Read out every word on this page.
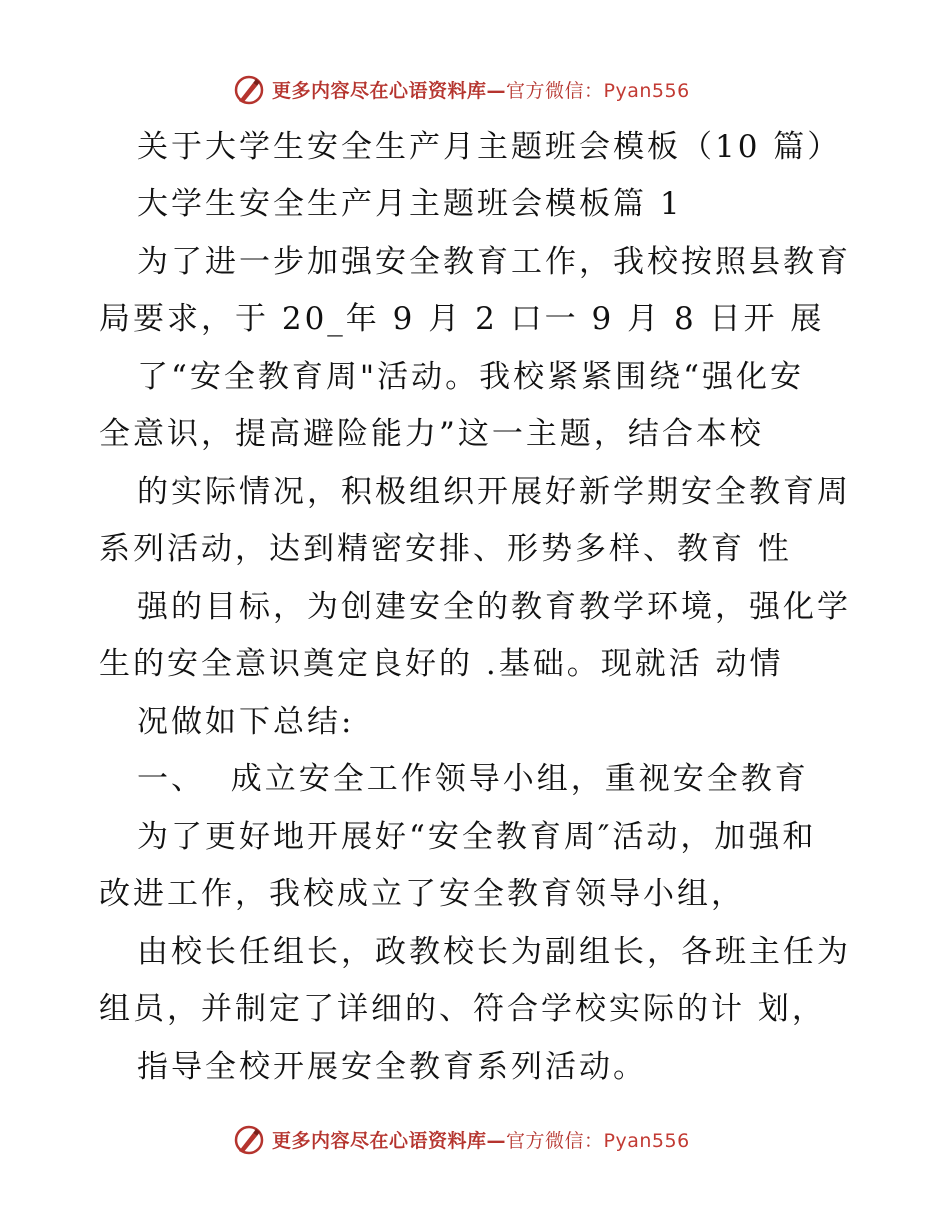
更多内容尽在心语资料库—官方微信：Pyan556
关于大学生安全生产月主题班会模板（10 篇）
大学生安全生产月主题班会模板篇 1
为了进一步加强安全教育工作，我校按照县教育
局要求，于 20_年 9 月 2 口一 9 月 8 日开 展
了“安全教育周"活动。我校紧紧围绕“强化安
全意识，提高避险能力”这一主题，结合本校
的实际情况，积极组织开展好新学期安全教育周
系列活动，达到精密安排、形势多样、教育 性
强的目标，为创建安全的教育教学环境，强化学
生的安全意识奠定良好的 .基础。现就活 动情
况做如下总结:
一、  成立安全工作领导小组，重视安全教育
为了更好地开展好“安全教育周″活动，加强和
改进工作，我校成立了安全教育领导小组，
由校长任组长，政教校长为副组长，各班主任为
组员，并制定了详细的、符合学校实际的计 划，
指导全校开展安全教育系列活动。
更多内容尽在心语资料库—官方微信：Pyan556
